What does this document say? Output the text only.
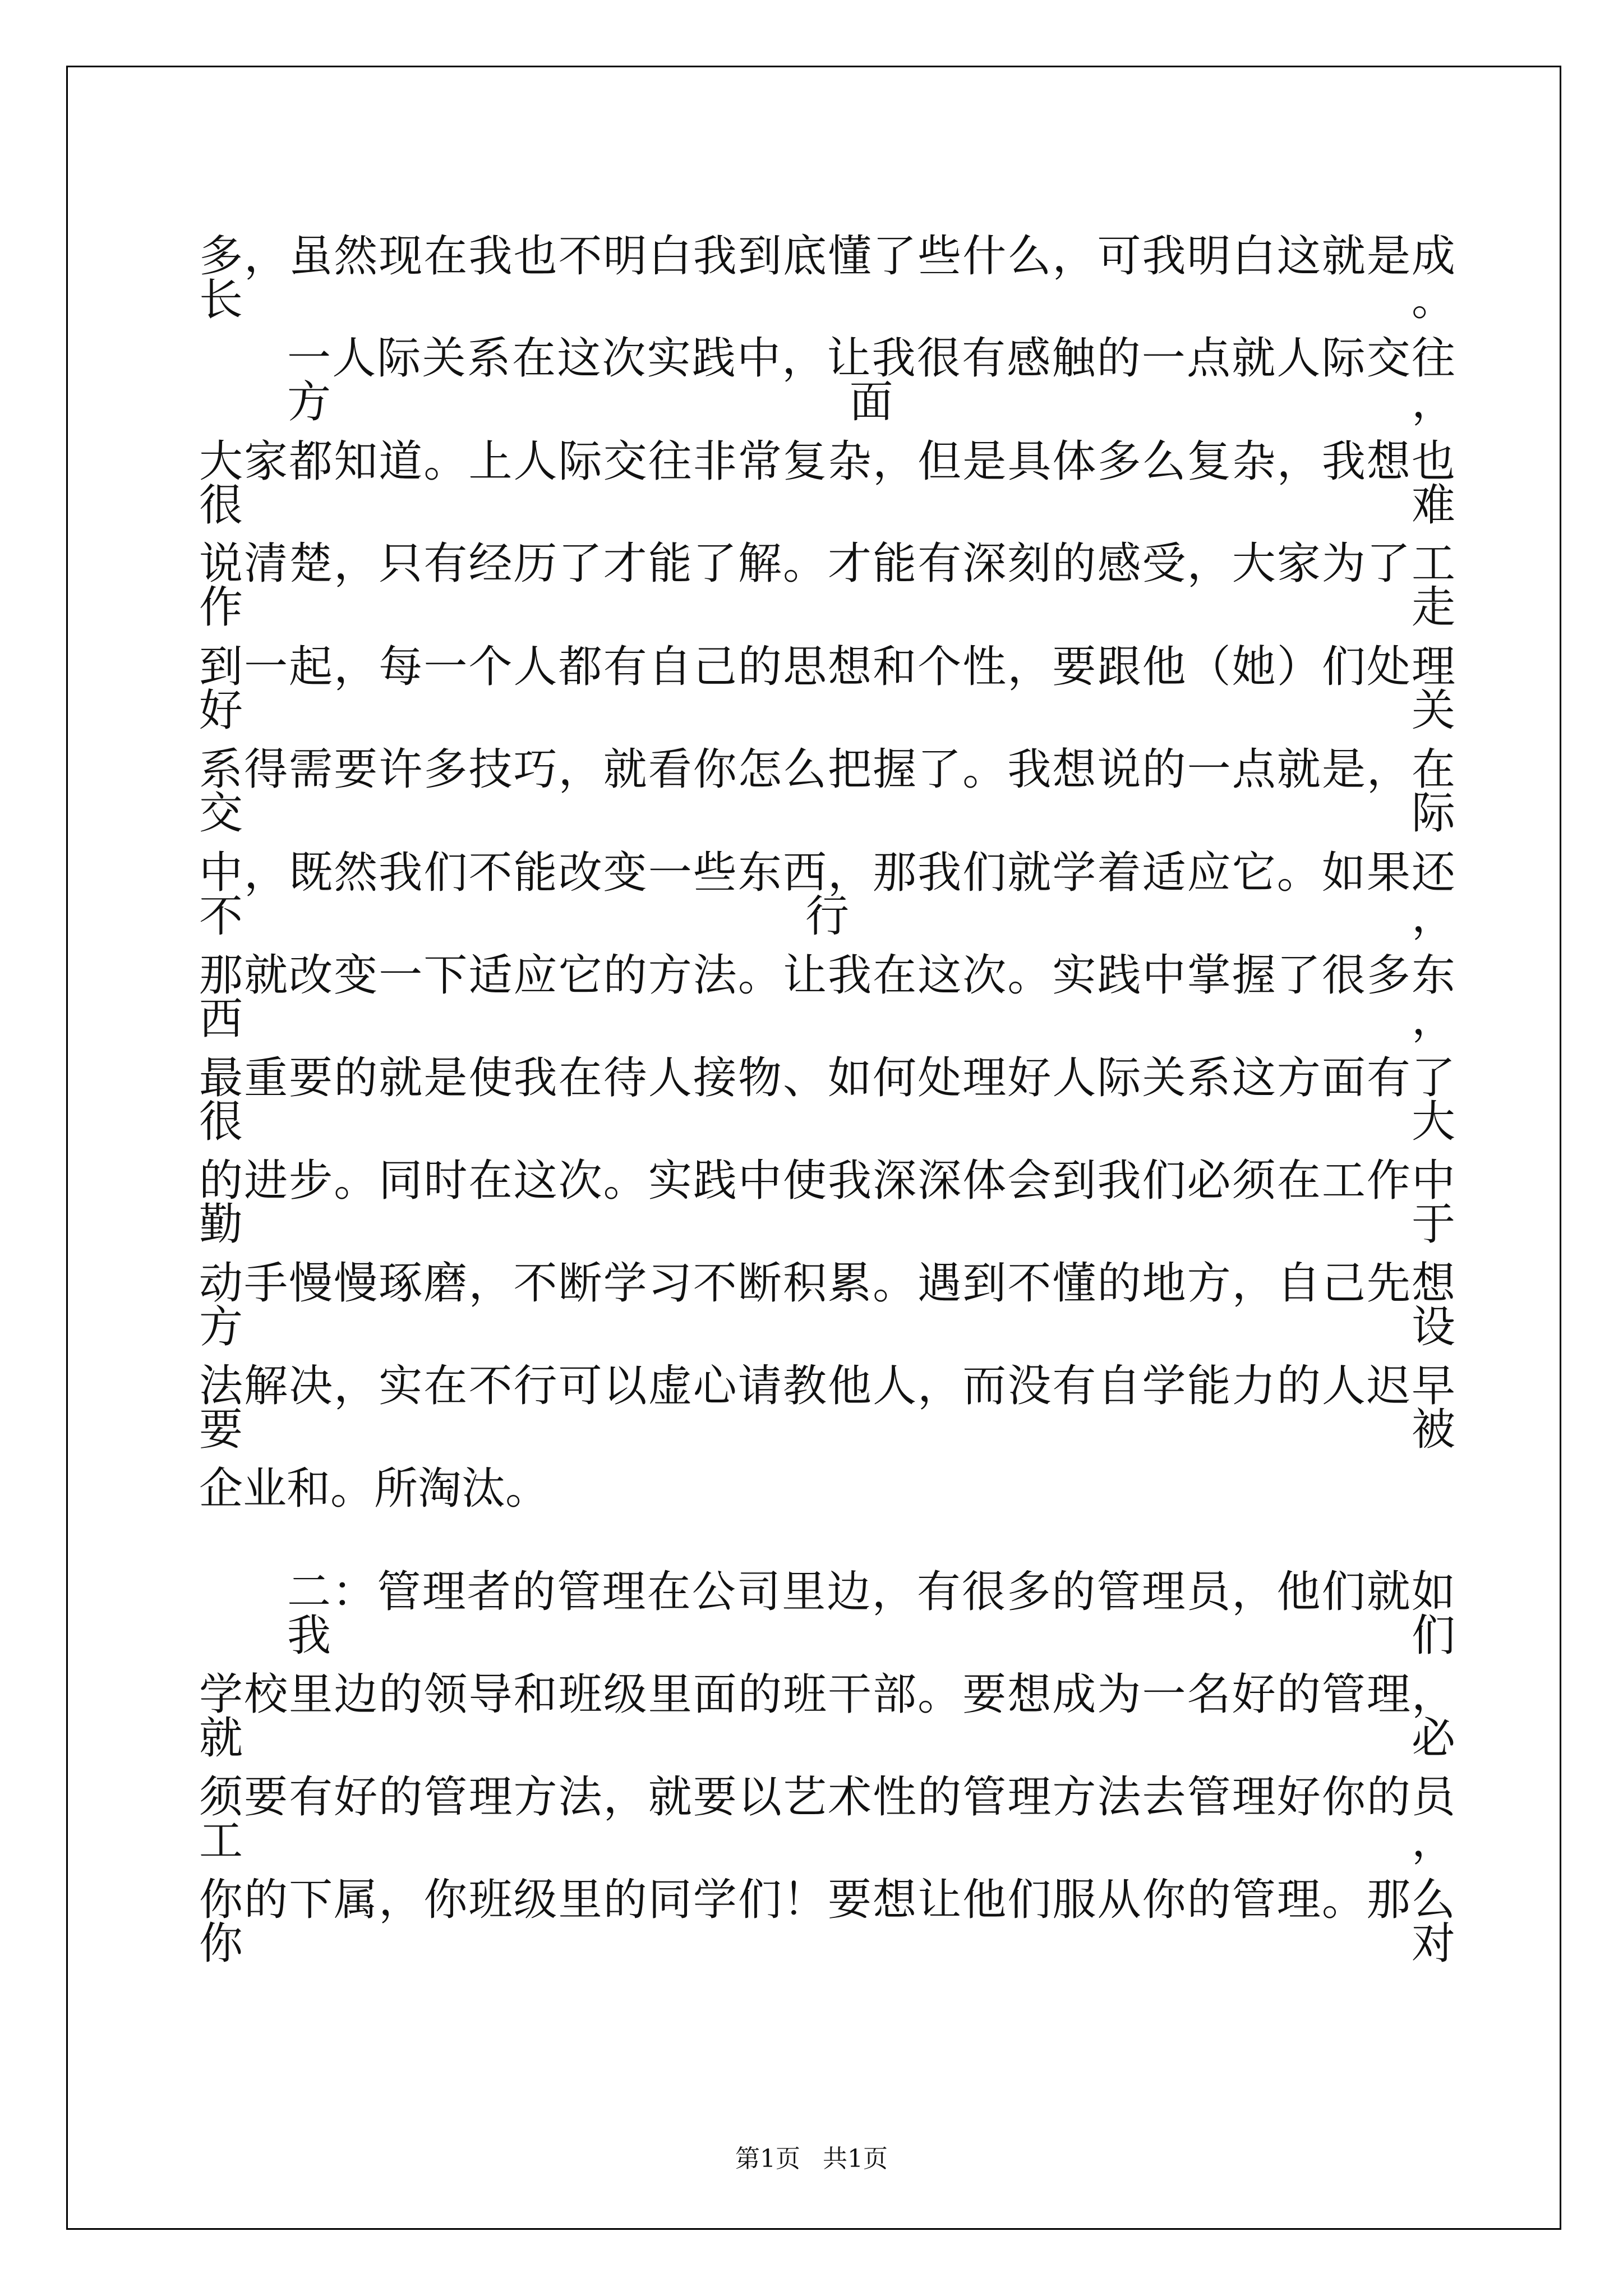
多，虽然现在我也不明白我到底懂了些什么，可我明白这就是成长。
一人际关系在这次实践中，让我很有感触的一点就人际交往方面，
大家都知道。上人际交往非常复杂，但是具体多么复杂，我想也很难
说清楚，只有经历了才能了解。才能有深刻的感受，大家为了工作走
到一起，每一个人都有自己的思想和个性，要跟他（她）们处理好关
系得需要许多技巧，就看你怎么把握了。我想说的一点就是，在交际
中，既然我们不能改变一些东西，那我们就学着适应它。如果还不行，
那就改变一下适应它的方法。让我在这次。实践中掌握了很多东西，
最重要的就是使我在待人接物、如何处理好人际关系这方面有了很大
的进步。同时在这次。实践中使我深深体会到我们必须在工作中勤于
动手慢慢琢磨，不断学习不断积累。遇到不懂的地方，自己先想方设
法解决，实在不行可以虚心请教他人，而没有自学能力的人迟早要被
企业和。所淘汰。
二：管理者的管理在公司里边，有很多的管理员，他们就如我们
学校里边的领导和班级里面的班干部。要想成为一名好的管理，就必
须要有好的管理方法，就要以艺术性的管理方法去管理好你的员工，
你的下属，你班级里的同学们！要想让他们服从你的管理。那么你对
第1页 共1页
